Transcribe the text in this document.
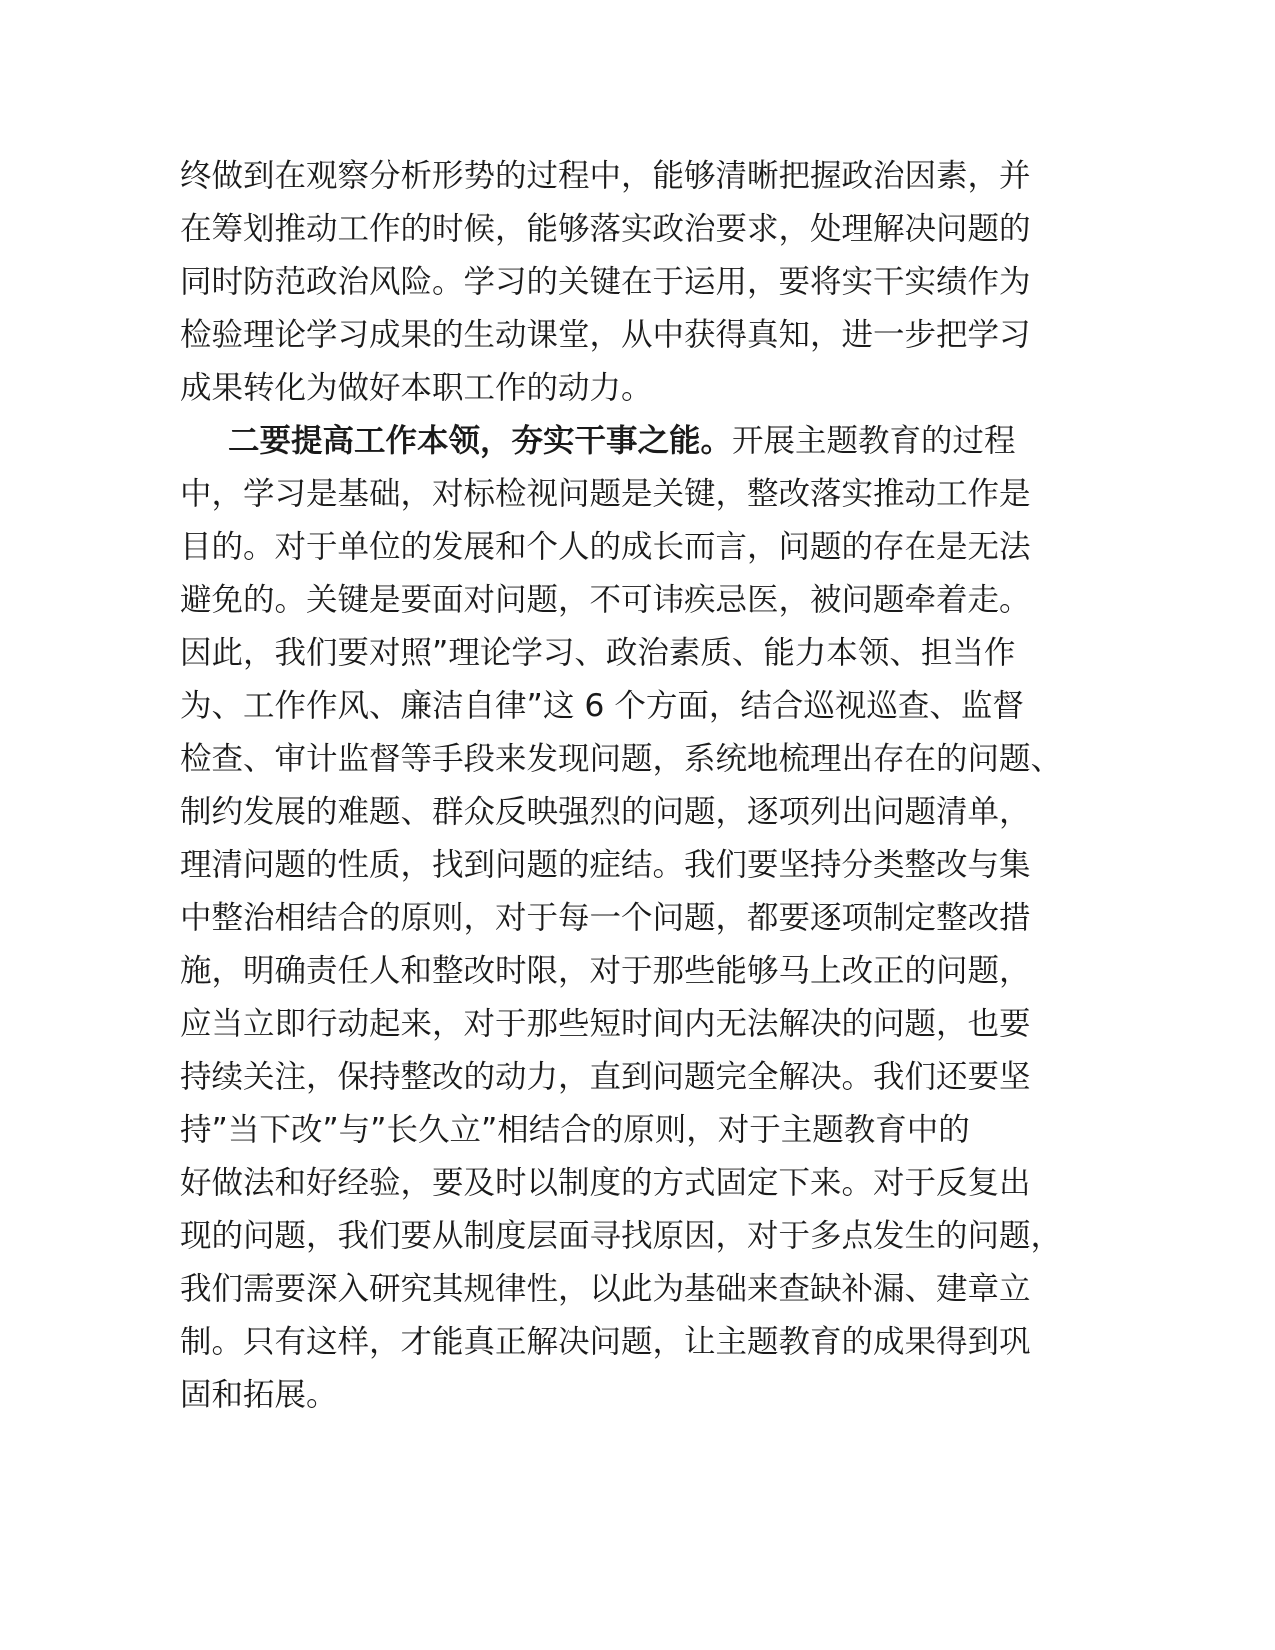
终做到在观察分析形势的过程中，能够清晰把握政治因素，并
在筹划推动工作的时候，能够落实政治要求，处理解决问题的
同时防范政治风险。学习的关键在于运用，要将实干实绩作为
检验理论学习成果的生动课堂，从中获得真知，进一步把学习
成果转化为做好本职工作的动力。
二要提高工作本领，夯实干事之能。开展主题教育的过程
中，学习是基础，对标检视问题是关键，整改落实推动工作是
目的。对于单位的发展和个人的成长而言，问题的存在是无法
避免的。关键是要面对问题，不可讳疾忌医，被问题牵着走。
因此，我们要对照”理论学习、政治素质、能力本领、担当作
为、工作作风、廉洁自律”这 6 个方面，结合巡视巡查、监督
检查、审计监督等手段来发现问题，系统地梳理出存在的问题、
制约发展的难题、群众反映强烈的问题，逐项列出问题清单，
理清问题的性质，找到问题的症结。我们要坚持分类整改与集
中整治相结合的原则，对于每一个问题，都要逐项制定整改措
施，明确责任人和整改时限，对于那些能够马上改正的问题，
应当立即行动起来，对于那些短时间内无法解决的问题，也要
持续关注，保持整改的动力，直到问题完全解决。我们还要坚
持”当下改”与”长久立”相结合的原则，对于主题教育中的
好做法和好经验，要及时以制度的方式固定下来。对于反复出
现的问题，我们要从制度层面寻找原因，对于多点发生的问题，
我们需要深入研究其规律性，以此为基础来查缺补漏、建章立
制。只有这样，才能真正解决问题，让主题教育的成果得到巩
固和拓展。
